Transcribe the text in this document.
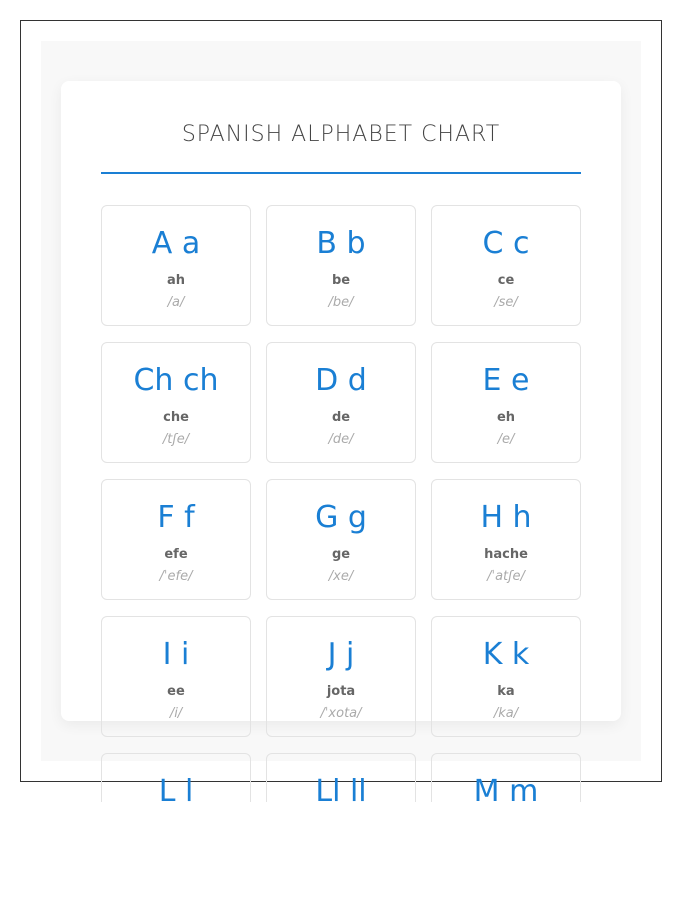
SPANISH ALPHABET CHART
A a
ah
/a/
B b
be
/be/
C c
ce
/se/
Ch ch
che
/tʃe/
D d
de
/de/
E e
eh
/e/
F f
efe
/ˈefe/
G g
ge
/xe/
H h
hache
/ˈatʃe/
I i
ee
/i/
J j
jota
/ˈxota/
K k
ka
/ka/
L l	Ll ll	M m
